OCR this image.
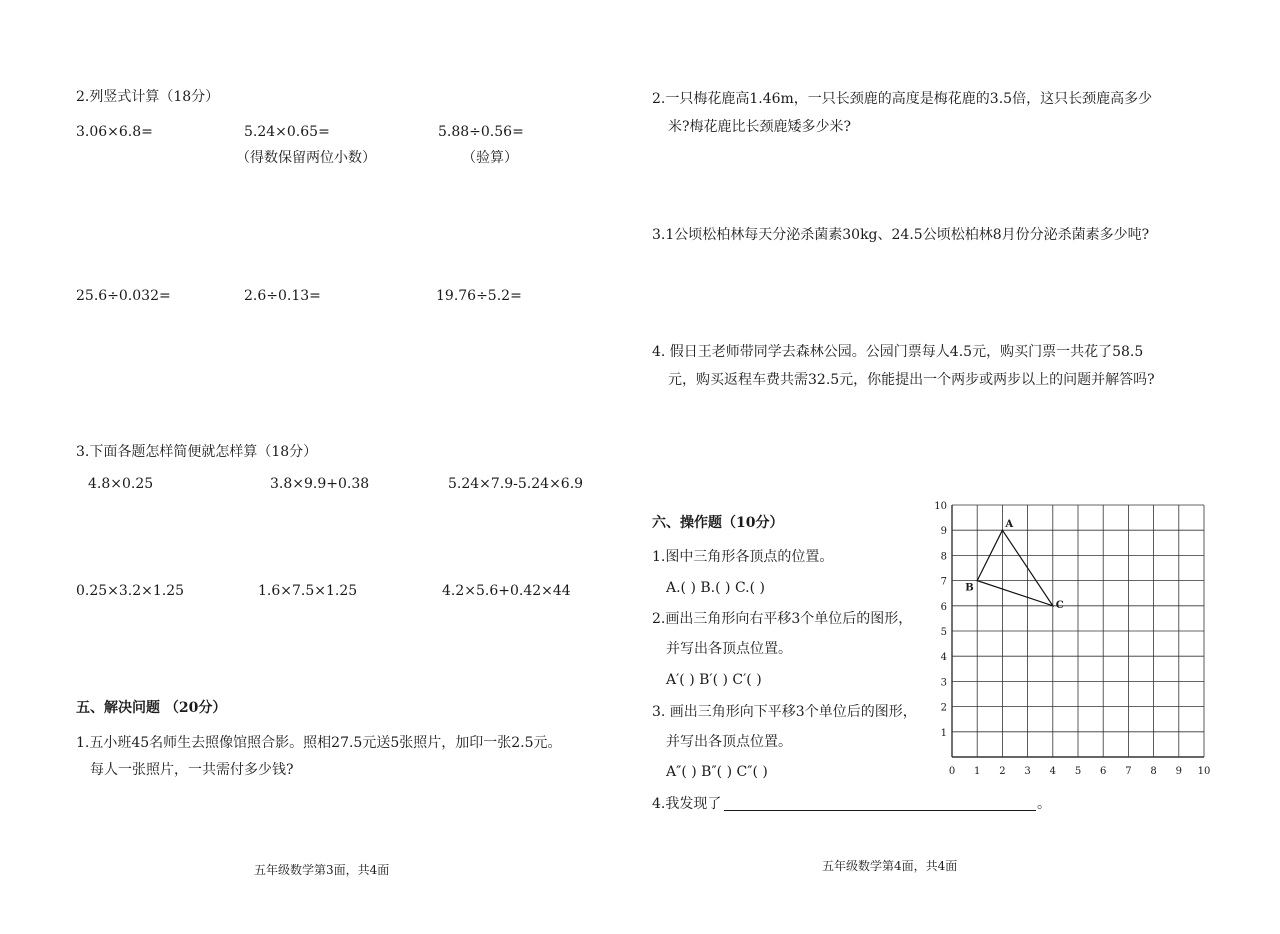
2.列竖式计算（18分）
3.06×6.8=	5.24×0.65=	5.88÷0.56=
（得数保留两位小数）	（验算）
25.6÷0.032=	2.6÷0.13=	19.76÷5.2=
3.下面各题怎样简便就怎样算（18分）
4.8×0.25	3.8×9.9+0.38	5.24×7.9-5.24×6.9
0.25×3.2×1.25	1.6×7.5×1.25	4.2×5.6+0.42×44
五、解决问题 （20分）
1.五小班45名师生去照像馆照合影。照相27.5元送5张照片，加印一张2.5元。
每人一张照片，一共需付多少钱?
五年级数学第3面，共4面
2.一只梅花鹿高1.46m，一只长颈鹿的高度是梅花鹿的3.5倍，这只长颈鹿高多少
米?梅花鹿比长颈鹿矮多少米?
3.1公顷松柏林每天分泌杀菌素30kg、24.5公顷松柏林8月份分泌杀菌素多少吨?
4. 假日王老师带同学去森林公园。公园门票每人4.5元，购买门票一共花了58.5
元，购买返程车费共需32.5元，你能提出一个两步或两步以上的问题并解答吗?
六、操作题（10分）
1.图中三角形各顶点的位置。
A.( ) B.( ) C.( )
2.画出三角形向右平移3个单位后的图形，
并写出各顶点位置。
A′( ) B′( ) C′( )
3. 画出三角形向下平移3个单位后的图形，
并写出各顶点位置。
A″( ) B″( ) C″( )
4.我发现了	。
五年级数学第4面，共4面
0 1 2 3 4 5 6 7 8 9 10
1
2
3
4
5
6
7
8
9
10
A
B
C
